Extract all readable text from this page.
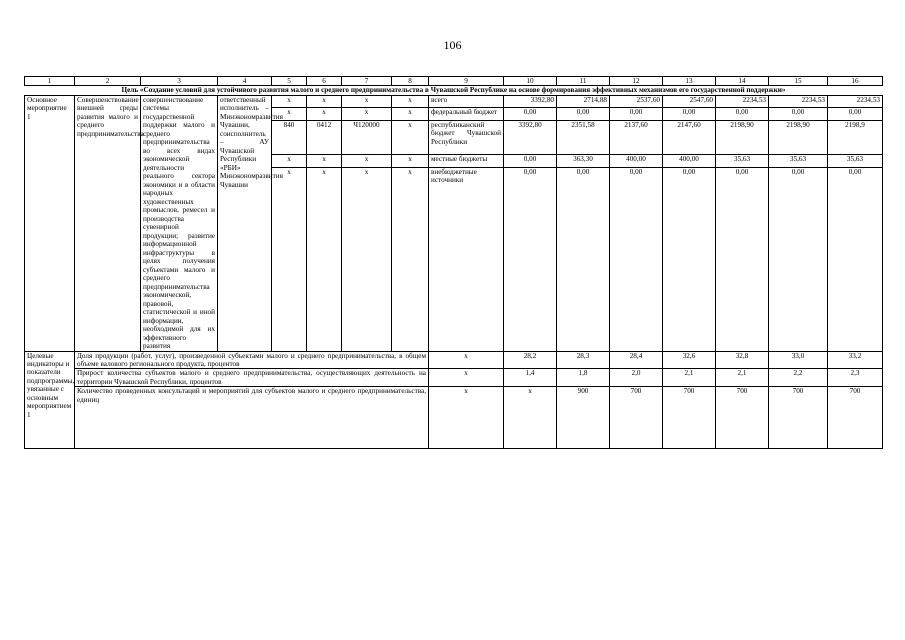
106
1	2	3	4	5	6	7	8	9	10	11	12	13	14	15	16
Цель «Создание условий для устойчивого развития малого и среднего предпринимательства в Чувашской Республике на основе формирования эффективных механизмов его государственной поддержки»															
Основное мероприятие 1	Совершенствование внешней среды развития малого и среднего предпринимательства	совершенствование системы государственной поддержки малого и среднего предпринимательства во всех видах экономической деятельности реального сектора экономики и в области народных художественных промыслов, ремесел и производства сувенирной продукции; развитие информационной инфраструктуры в целях получения субъектами малого и среднего предпринимательства экономической, правовой, статистической и иной информации, необходимой для их эффективного развития	ответственный исполнитель – Минэкономразвития Чувашии, соисполнитель – АУ Чувашской Республики «РБИ» Минэкономразвития Чувашии	x	x	x	x	всего	3392,80	2714,88	2537,60	2547,60	2234,53	2234,53	2234,53
				x	x	x	x	федеральный бюджет	0,00	0,00	0,00	0,00	0,00	0,00	0,00
				840	0412	Ч120000	x	республиканский бюджет Чувашской Республики	3392,80	2351,58	2137,60	2147,60	2198,90	2198,90	2198,9
				x	x	x	x	местные бюджеты	0,00	363,30	400,00	400,00	35,63	35,63	35,63
				x	x	x	x	внебюджетные источники	0,00	0,00	0,00	0,00	0,00	0,00	0,00
Целевые индикаторы и показатели подпрограммы, увязанные с основным мероприятием 1	Доля продукции (работ, услуг), произведенной субъектами малого и среднего предпринимательства, в общем объеме валового регионального продукта, процентов							x	28,2	28,3	28,4	32,6	32,8	33,0	33,2
	Прирост количества субъектов малого и среднего предпринимательства, осуществляющих деятельность на территории Чувашской Республики, процентов							x	1,4	1,8	2,0	2,1	2,1	2,2	2,3
	Количество проведенных консультаций и мероприятий для субъектов малого и среднего предпринимательства, единиц							x	x	900	700	700	700	700	700
